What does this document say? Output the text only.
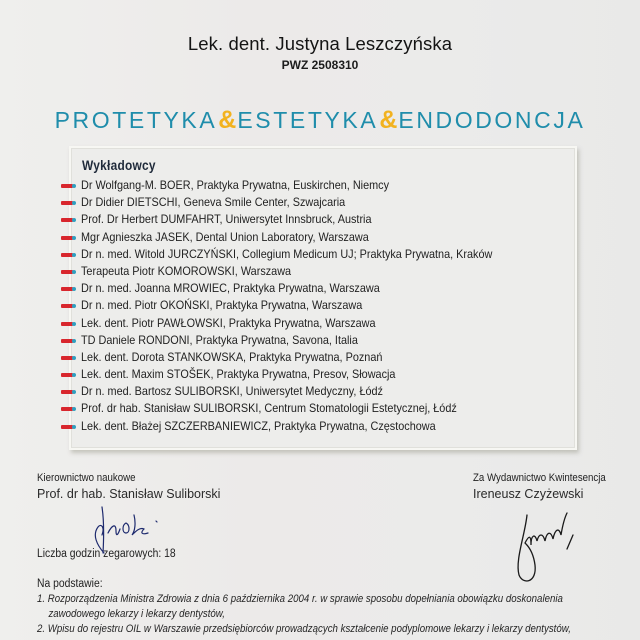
Lek. dent. Justyna Leszczyńska
PWZ 2508310
PROTETYKA&ESTETYKA&ENDODONCJA
Wykładowcy
Dr Wolfgang-M. BOER, Praktyka Prywatna, Euskirchen, Niemcy
Dr Didier DIETSCHI, Geneva Smile Center, Szwajcaria
Prof. Dr Herbert DUMFAHRT, Uniwersytet Innsbruck, Austria
Mgr Agnieszka JASEK, Dental Union Laboratory, Warszawa
Dr n. med. Witold JURCZYŃSKI, Collegium Medicum UJ; Praktyka Prywatna, Kraków
Terapeuta Piotr KOMOROWSKI, Warszawa
Dr n. med. Joanna MROWIEC, Praktyka Prywatna, Warszawa
Dr n. med. Piotr OKOŃSKI, Praktyka Prywatna, Warszawa
Lek. dent. Piotr PAWŁOWSKI, Praktyka Prywatna, Warszawa
TD Daniele RONDONI, Praktyka Prywatna, Savona, Italia
Lek. dent. Dorota STANKOWSKA, Praktyka Prywatna, Poznań
Lek. dent. Maxim STOŠEK, Praktyka Prywatna, Presov, Słowacja
Dr n. med. Bartosz SULIBORSKI, Uniwersytet Medyczny, Łódź
Prof. dr hab. Stanisław SULIBORSKI, Centrum Stomatologii Estetycznej, Łódź
Lek. dent. Błażej SZCZERBANIEWICZ, Praktyka Prywatna, Częstochowa
Kierownictwo naukowe
Prof. dr hab. Stanisław Suliborski
Za Wydawnictwo Kwintesencja
Ireneusz Czyżewski
Liczba godzin zegarowych: 18
Na podstawie:
1. Rozporządzenia Ministra Zdrowia z dnia 6 października 2004 r. w sprawie sposobu dopełniania obowiązku doskonalenia
zawodowego lekarzy i lekarzy dentystów,
2. Wpisu do rejestru OIL w Warszawie przedsiębiorców prowadzących kształcenie podyplomowe lekarzy i lekarzy dentystów,
